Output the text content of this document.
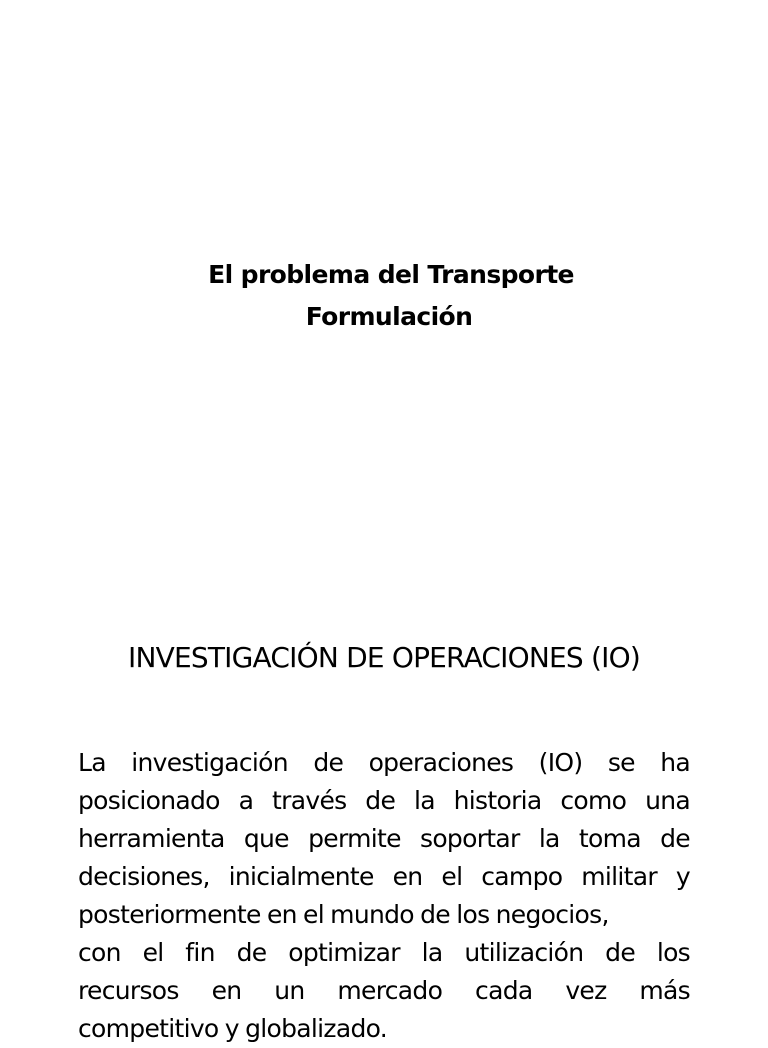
El problema del Transporte
Formulación
INVESTIGACIÓN DE OPERACIONES (IO)
La investigación de operaciones (IO) se ha
posicionado a través de la historia como una
herramienta que permite soportar la toma de
decisiones, inicialmente en el campo militar y
posteriormente en el mundo de los negocios,
con el fin de optimizar la utilización de los
recursos en un mercado cada vez más
competitivo y globalizado.
